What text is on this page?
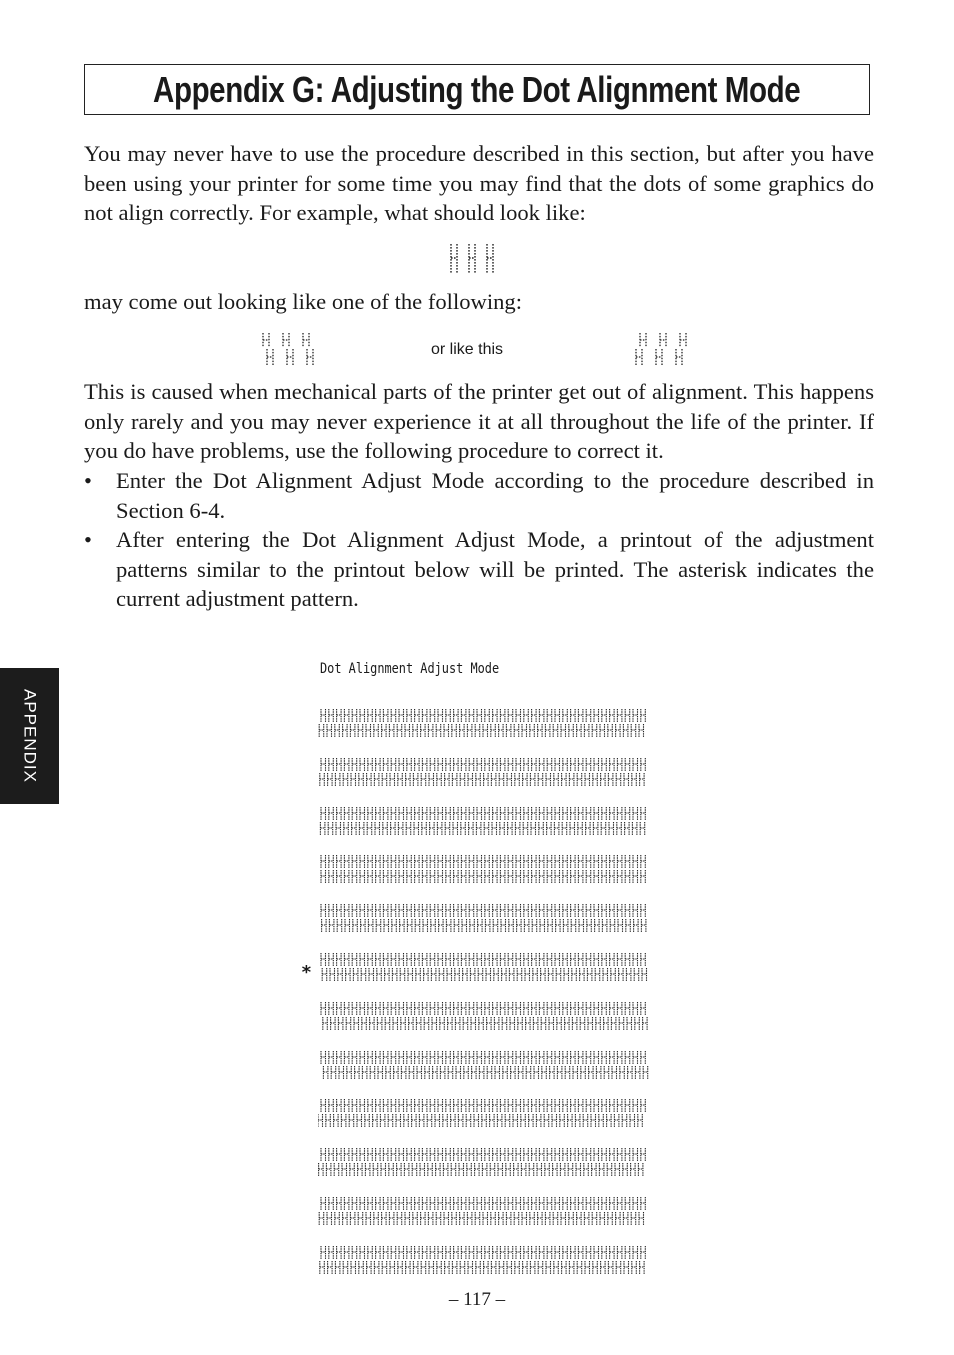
Appendix G: Adjusting the Dot Alignment Mode

You may never have to use the procedure described in this section, but after you have been using your printer for some time you may find that the dots of some graphics do not align correctly. For example, what should look like:

may come out looking like one of the following:

or like this

This is caused when mechanical parts of the printer get out of alignment. This happens only rarely and you may never experience it at all throughout the life of the printer. If you do have problems, use the following procedure to correct it.

•	Enter the Dot Alignment Adjust Mode according to the procedure described in Section 6-4.
•	After entering the Dot Alignment Adjust Mode, a printout of the adjustment patterns similar to the printout below will be printed. The asterisk indicates the current adjustment pattern.
APPENDIX
Dot Alignment Adjust Mode
*
– 117 –
